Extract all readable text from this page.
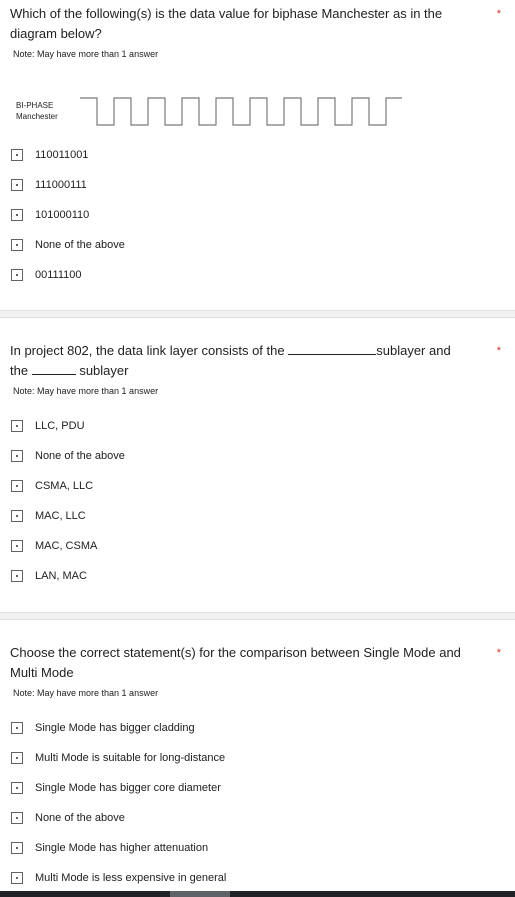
Which of the following(s) is the data value for biphase Manchester as in the diagram below?
*
Note: May have more than 1 answer
BI-PHASE
Manchester
110011001
111000111
101000110
None of the above
00111100
In project 802, the data link layer consists of the	sublayer and
the	sublayer
*
Note: May have more than 1 answer
LLC, PDU
None of the above
CSMA, LLC
MAC, LLC
MAC, CSMA
LAN, MAC
Choose the correct statement(s) for the comparison between Single Mode and Multi Mode
*
Note: May have more than 1 answer
Single Mode has bigger cladding
Multi Mode is suitable for long-distance
Single Mode has bigger core diameter
None of the above
Single Mode has higher attenuation
Multi Mode is less expensive in general
